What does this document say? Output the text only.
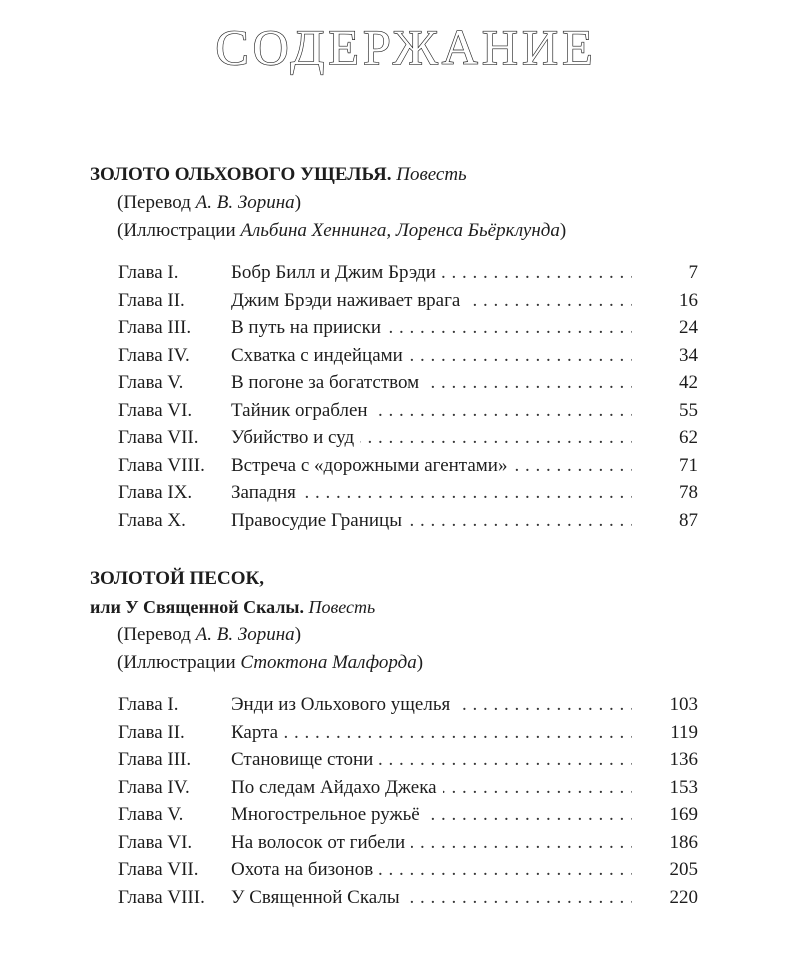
СОДЕРЖАНИЕ
ЗОЛОТО ОЛЬХОВОГО УЩЕЛЬЯ. Повесть
(Перевод А. В. Зорина)
(Иллюстрации Альбина Хеннинга, Лоренса Бьёрклунда)
Глава I.	Бобр Билл и Джим Брэди . . .	7
Глава II. Джим Брэди наживает врага . . .	16
Глава III. В путь на прииски . . .	24
Глава IV. Схватка с индейцами . . .	34
Глава V.	В погоне за богатством . . .	42
Глава VI. Тайник ограблен . . .	55
Глава VII. Убийство и суд . . .	62
Глава VIII. Встреча с «дорожными агентами» . . .	71
Глава IX. Западня . . .	78
Глава X. Правосудие Границы . . .	87
ЗОЛОТОЙ ПЕСОК,
или У Священной Скалы. Повесть
(Перевод А. В. Зорина)
(Иллюстрации Стоктона Малфорда)
Глава I.	Энди из Ольхового ущелья . . .	103
Глава II. Карта . . .	119
Глава III. Становище стони . . .	136
Глава IV. По следам Айдахо Джека . . .	153
Глава V.	Многострельное ружьё . . .	169
Глава VI. На волосок от гибели . . .	186
Глава VII. Охота на бизонов . . .	205
Глава VIII. У Священной Скалы . . .	220
